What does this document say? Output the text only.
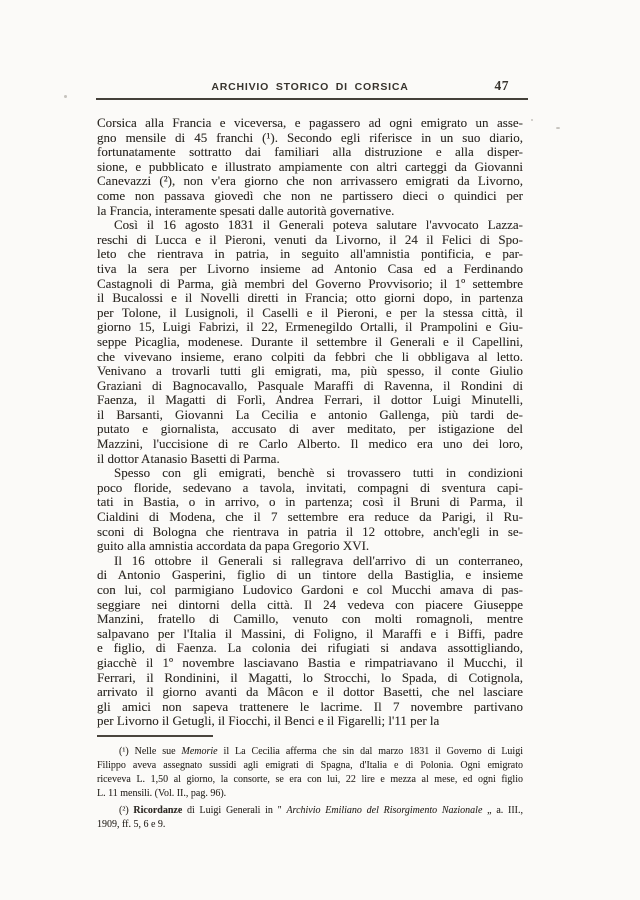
ARCHIVIO STORICO DI CORSICA	47
Corsica alla Francia e viceversa, e pagassero ad ogni emigrato un asse-
gno mensile di 45 franchi (¹). Secondo egli riferisce in un suo diario,
fortunatamente sottratto dai familiari alla distruzione e alla disper-
sione, e pubblicato e illustrato ampiamente con altri carteggi da Giovanni
Canevazzi (²), non v'era giorno che non arrivassero emigrati da Livorno,
come non passava giovedì che non ne partissero dieci o quindici per
la Francia, interamente spesati dalle autorità governative.
Così il 16 agosto 1831 il Generali poteva salutare l'avvocato Lazza-
reschi di Lucca e il Pieroni, venuti da Livorno, il 24 il Felici di Spo-
leto che rientrava in patria, in seguito all'amnistia pontificia, e par-
tiva la sera per Livorno insieme ad Antonio Casa ed a Ferdinando
Castagnoli di Parma, già membri del Governo Provvisorio; il 1º settembre
il Bucalossi e il Novelli diretti in Francia; otto giorni dopo, in partenza
per Tolone, il Lusignoli, il Caselli e il Pieroni, e per la stessa città, il
giorno 15, Luigi Fabrizi, il 22, Ermenegildo Ortalli, il Prampolini e Giu-
seppe Picaglia, modenese. Durante il settembre il Generali e il Capellini,
che vivevano insieme, erano colpiti da febbri che li obbligava al letto.
Venivano a trovarli tutti gli emigrati, ma, più spesso, il conte Giulio
Graziani di Bagnocavallo, Pasquale Maraffi di Ravenna, il Rondini di
Faenza, il Magatti di Forlì, Andrea Ferrari, il dottor Luigi Minutelli,
il Barsanti, Giovanni La Cecilia e antonio Gallenga, più tardi de-
putato e giornalista, accusato di aver meditato, per istigazione del
Mazzini, l'uccisione di re Carlo Alberto. Il medico era uno dei loro,
il dottor Atanasio Basetti di Parma.
Spesso con gli emigrati, benchè si trovassero tutti in condizioni
poco floride, sedevano a tavola, invitati, compagni di sventura capi-
tati in Bastia, o in arrivo, o in partenza; così il Bruni di Parma, il
Cialdini di Modena, che il 7 settembre era reduce da Parigi, il Ru-
sconi di Bologna che rientrava in patria il 12 ottobre, anch'egli in se-
guito alla amnistia accordata da papa Gregorio XVI.
Il 16 ottobre il Generali si rallegrava dell'arrivo di un conterraneo,
di Antonio Gasperini, figlio di un tintore della Bastiglia, e insieme
con lui, col parmigiano Ludovico Gardoni e col Mucchi amava di pas-
seggiare nei dintorni della città. Il 24 vedeva con piacere Giuseppe
Manzini, fratello di Camillo, venuto con molti romagnoli, mentre
salpavano per l'Italia il Massini, di Foligno, il Maraffi e i Biffi, padre
e figlio, di Faenza. La colonia dei rifugiati si andava assottigliando,
giacchè il 1º novembre lasciavano Bastia e rimpatriavano il Mucchi, il
Ferrari, il Rondinini, il Magatti, lo Strocchi, lo Spada, di Cotignola,
arrivato il giorno avanti da Mâcon e il dottor Basetti, che nel lasciare
gli amici non sapeva trattenere le lacrime. Il 7 novembre partivano
per Livorno il Getugli, il Fiocchi, il Benci e il Figarelli; l'11 per la
(¹) Nelle sue Memorie il La Cecilia afferma che sin dal marzo 1831 il Governo di Luigi
Filippo aveva assegnato sussidi agli emigrati di Spagna, d'Italia e di Polonia. Ogni emigrato
riceveva L. 1,50 al giorno, la consorte, se era con lui, 22 lire e mezza al mese, ed ogni figlio
L. 11 mensili. (Vol. II., pag. 96).
(²) Ricordanze di Luigi Generali in " Archivio Emiliano del Risorgimento Nazionale „ a. III.,
1909, ff. 5, 6 e 9.
